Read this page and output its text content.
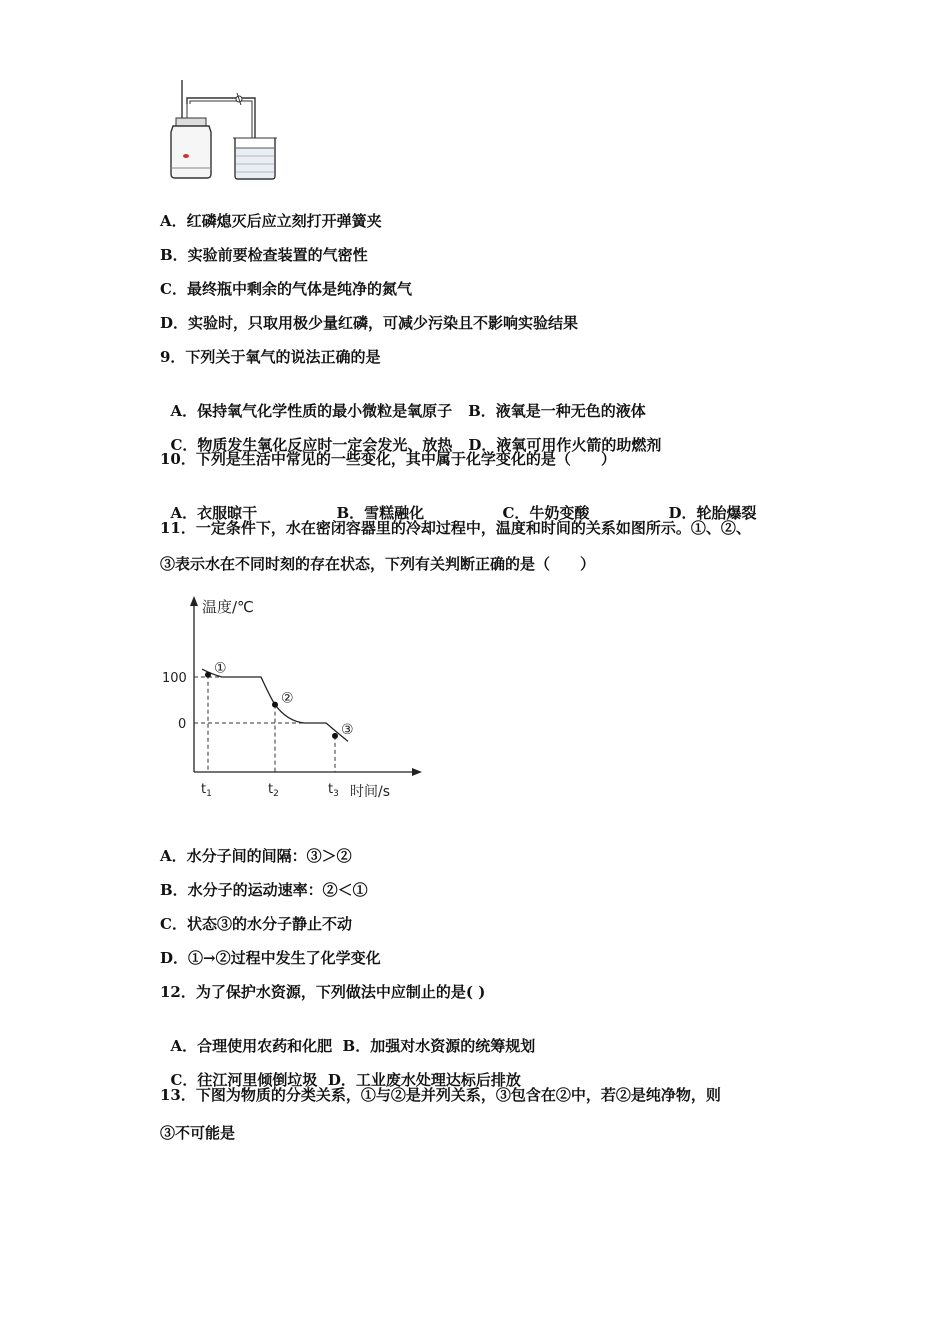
A．红磷熄灭后应立刻打开弹簧夹
B．实验前要检查装置的气密性
C．最终瓶中剩余的气体是纯净的氮气
D．实验时，只取用极少量红磷，可减少污染且不影响实验结果
9．下列关于氧气的说法正确的是

A．保持氧气化学性质的最小微粒是氧原子 B．液氧是一种无色的液体

C．物质发生氧化反应时一定会发光、放热 D．液氧可用作火箭的助燃剂

10．下列是生活中常见的一些变化，其中属于化学变化的是（　　）

A．衣服晾干	B．雪糕融化	C．牛奶变酸	D．轮胎爆裂

11．一定条件下，水在密闭容器里的冷却过程中，温度和时间的关系如图所示。①、②、
③表示水在不同时刻的存在状态，下列有关判断正确的是（　　）
温度/℃
时间/s
100
0
$t_1$	$t_2$	$t_3$
①
②
③
A．水分子间的间隔：③＞②
B．水分子的运动速率：②＜①
C．状态③的水分子静止不动
D．①→②过程中发生了化学变化
12．为了保护水资源，下列做法中应制止的是( )

A．合理使用农药和化肥 B．加强对水资源的统筹规划

C．往江河里倾倒垃圾 D．工业废水处理达标后排放

13．下图为物质的分类关系，①与②是并列关系，③包含在②中，若②是纯净物，则
③不可能是
